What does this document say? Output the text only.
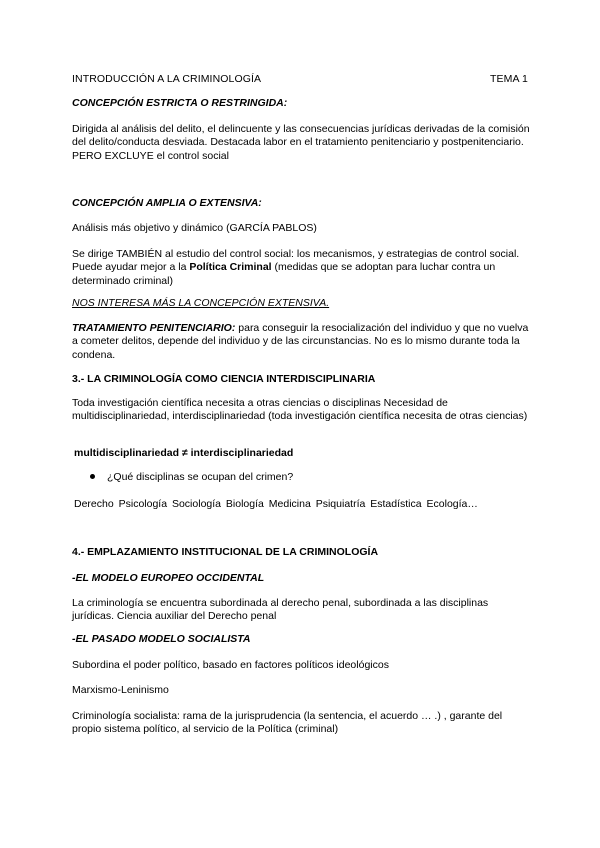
INTRODUCCIÓN A LA CRIMINOLOGÍA	TEMA 1
CONCEPCIÓN ESTRICTA O RESTRINGIDA:
Dirigida al análisis del delito, el delincuente y las consecuencias jurídicas derivadas de la comisión del delito/conducta desviada. Destacada labor en el tratamiento penitenciario y postpenitenciario. PERO EXCLUYE el control social
CONCEPCIÓN AMPLIA O EXTENSIVA:
Análisis más objetivo y dinámico (GARCÍA PABLOS)
Se dirige TAMBIÉN al estudio del control social: los mecanismos, y estrategias de control social. Puede ayudar mejor a la Política Criminal (medidas que se adoptan para luchar contra un determinado criminal)
NOS INTERESA MÁS LA CONCEPCIÓN EXTENSIVA.
TRATAMIENTO PENITENCIARIO: para conseguir la resocialización del individuo y que no vuelva a cometer delitos, depende del individuo y de las circunstancias. No es lo mismo durante toda la condena.
3.- LA CRIMINOLOGÍA COMO CIENCIA INTERDISCIPLINARIA
Toda investigación científica necesita a otras ciencias o disciplinas Necesidad de multidisciplinariedad, interdisciplinariedad (toda investigación científica necesita de otras ciencias)
multidisciplinariedad ≠ interdisciplinariedad
¿Qué disciplinas se ocupan del crimen?
Derecho Psicología Sociología Biología Medicina Psiquiatría Estadística Ecología…
4.- EMPLAZAMIENTO INSTITUCIONAL DE LA CRIMINOLOGÍA
-EL MODELO EUROPEO OCCIDENTAL
La criminología se encuentra subordinada al derecho penal, subordinada a las disciplinas jurídicas. Ciencia auxiliar del Derecho penal
-EL PASADO MODELO SOCIALISTA
Subordina el poder político, basado en factores políticos ideológicos
Marxismo-Leninismo
Criminología socialista: rama de la jurisprudencia (la sentencia, el acuerdo … .) , garante del propio sistema político, al servicio de la Política (criminal)
